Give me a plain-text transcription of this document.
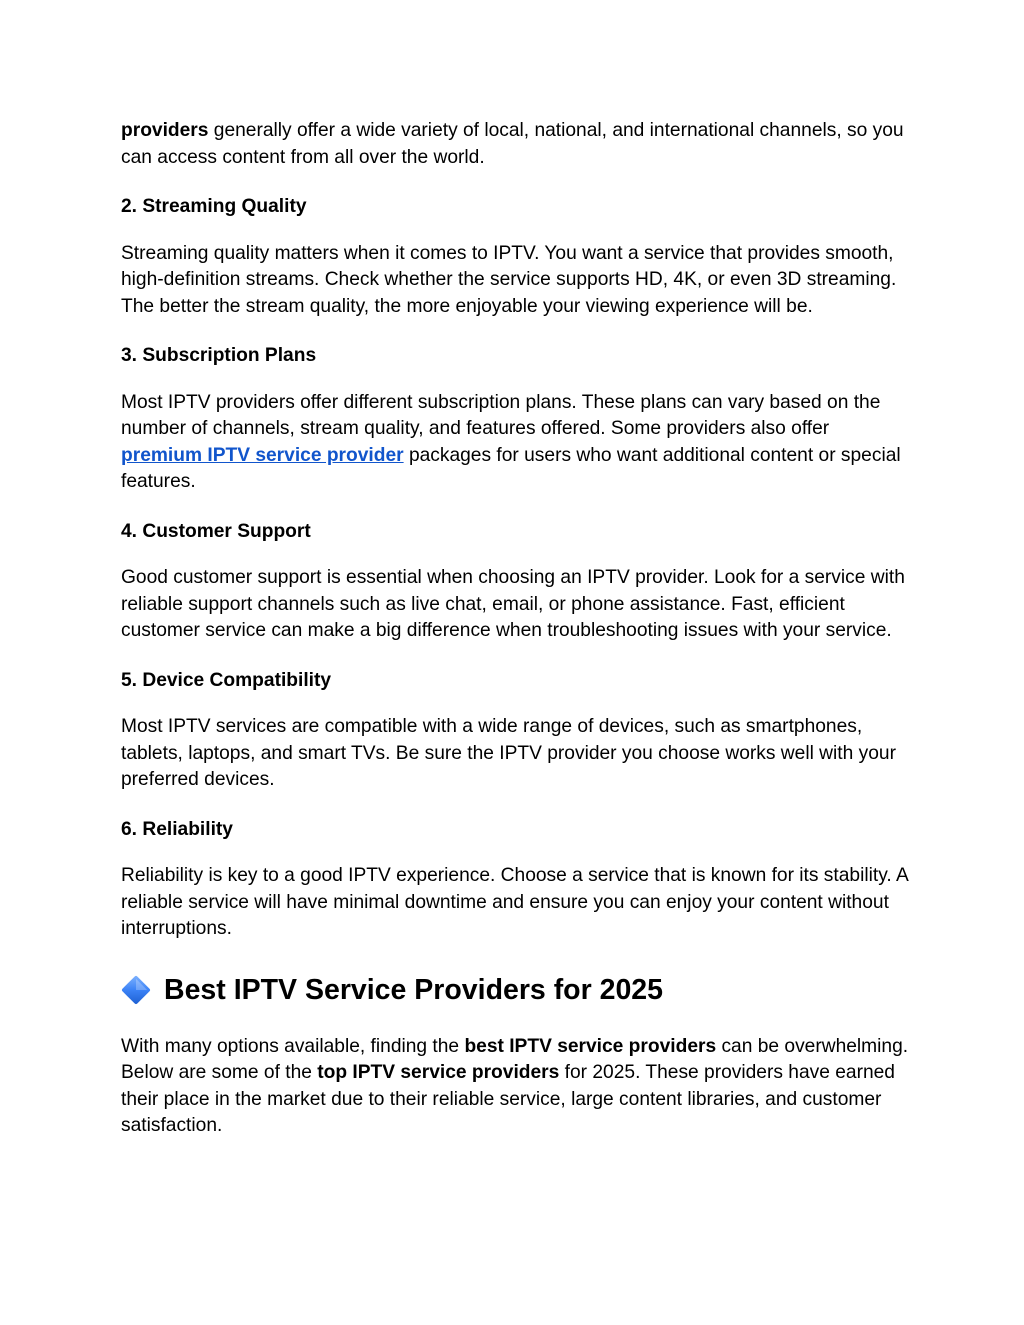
providers generally offer a wide variety of local, national, and international channels, so you can access content from all over the world.

2. Streaming Quality

Streaming quality matters when it comes to IPTV. You want a service that provides smooth, high-definition streams. Check whether the service supports HD, 4K, or even 3D streaming. The better the stream quality, the more enjoyable your viewing experience will be.

3. Subscription Plans

Most IPTV providers offer different subscription plans. These plans can vary based on the number of channels, stream quality, and features offered. Some providers also offer premium IPTV service provider packages for users who want additional content or special features.

4. Customer Support

Good customer support is essential when choosing an IPTV provider. Look for a service with reliable support channels such as live chat, email, or phone assistance. Fast, efficient customer service can make a big difference when troubleshooting issues with your service.

5. Device Compatibility

Most IPTV services are compatible with a wide range of devices, such as smartphones, tablets, laptops, and smart TVs. Be sure the IPTV provider you choose works well with your preferred devices.

6. Reliability

Reliability is key to a good IPTV experience. Choose a service that is known for its stability. A reliable service will have minimal downtime and ensure you can enjoy your content without interruptions.

Best IPTV Service Providers for 2025

With many options available, finding the best IPTV service providers can be overwhelming. Below are some of the top IPTV service providers for 2025. These providers have earned their place in the market due to their reliable service, large content libraries, and customer satisfaction.
